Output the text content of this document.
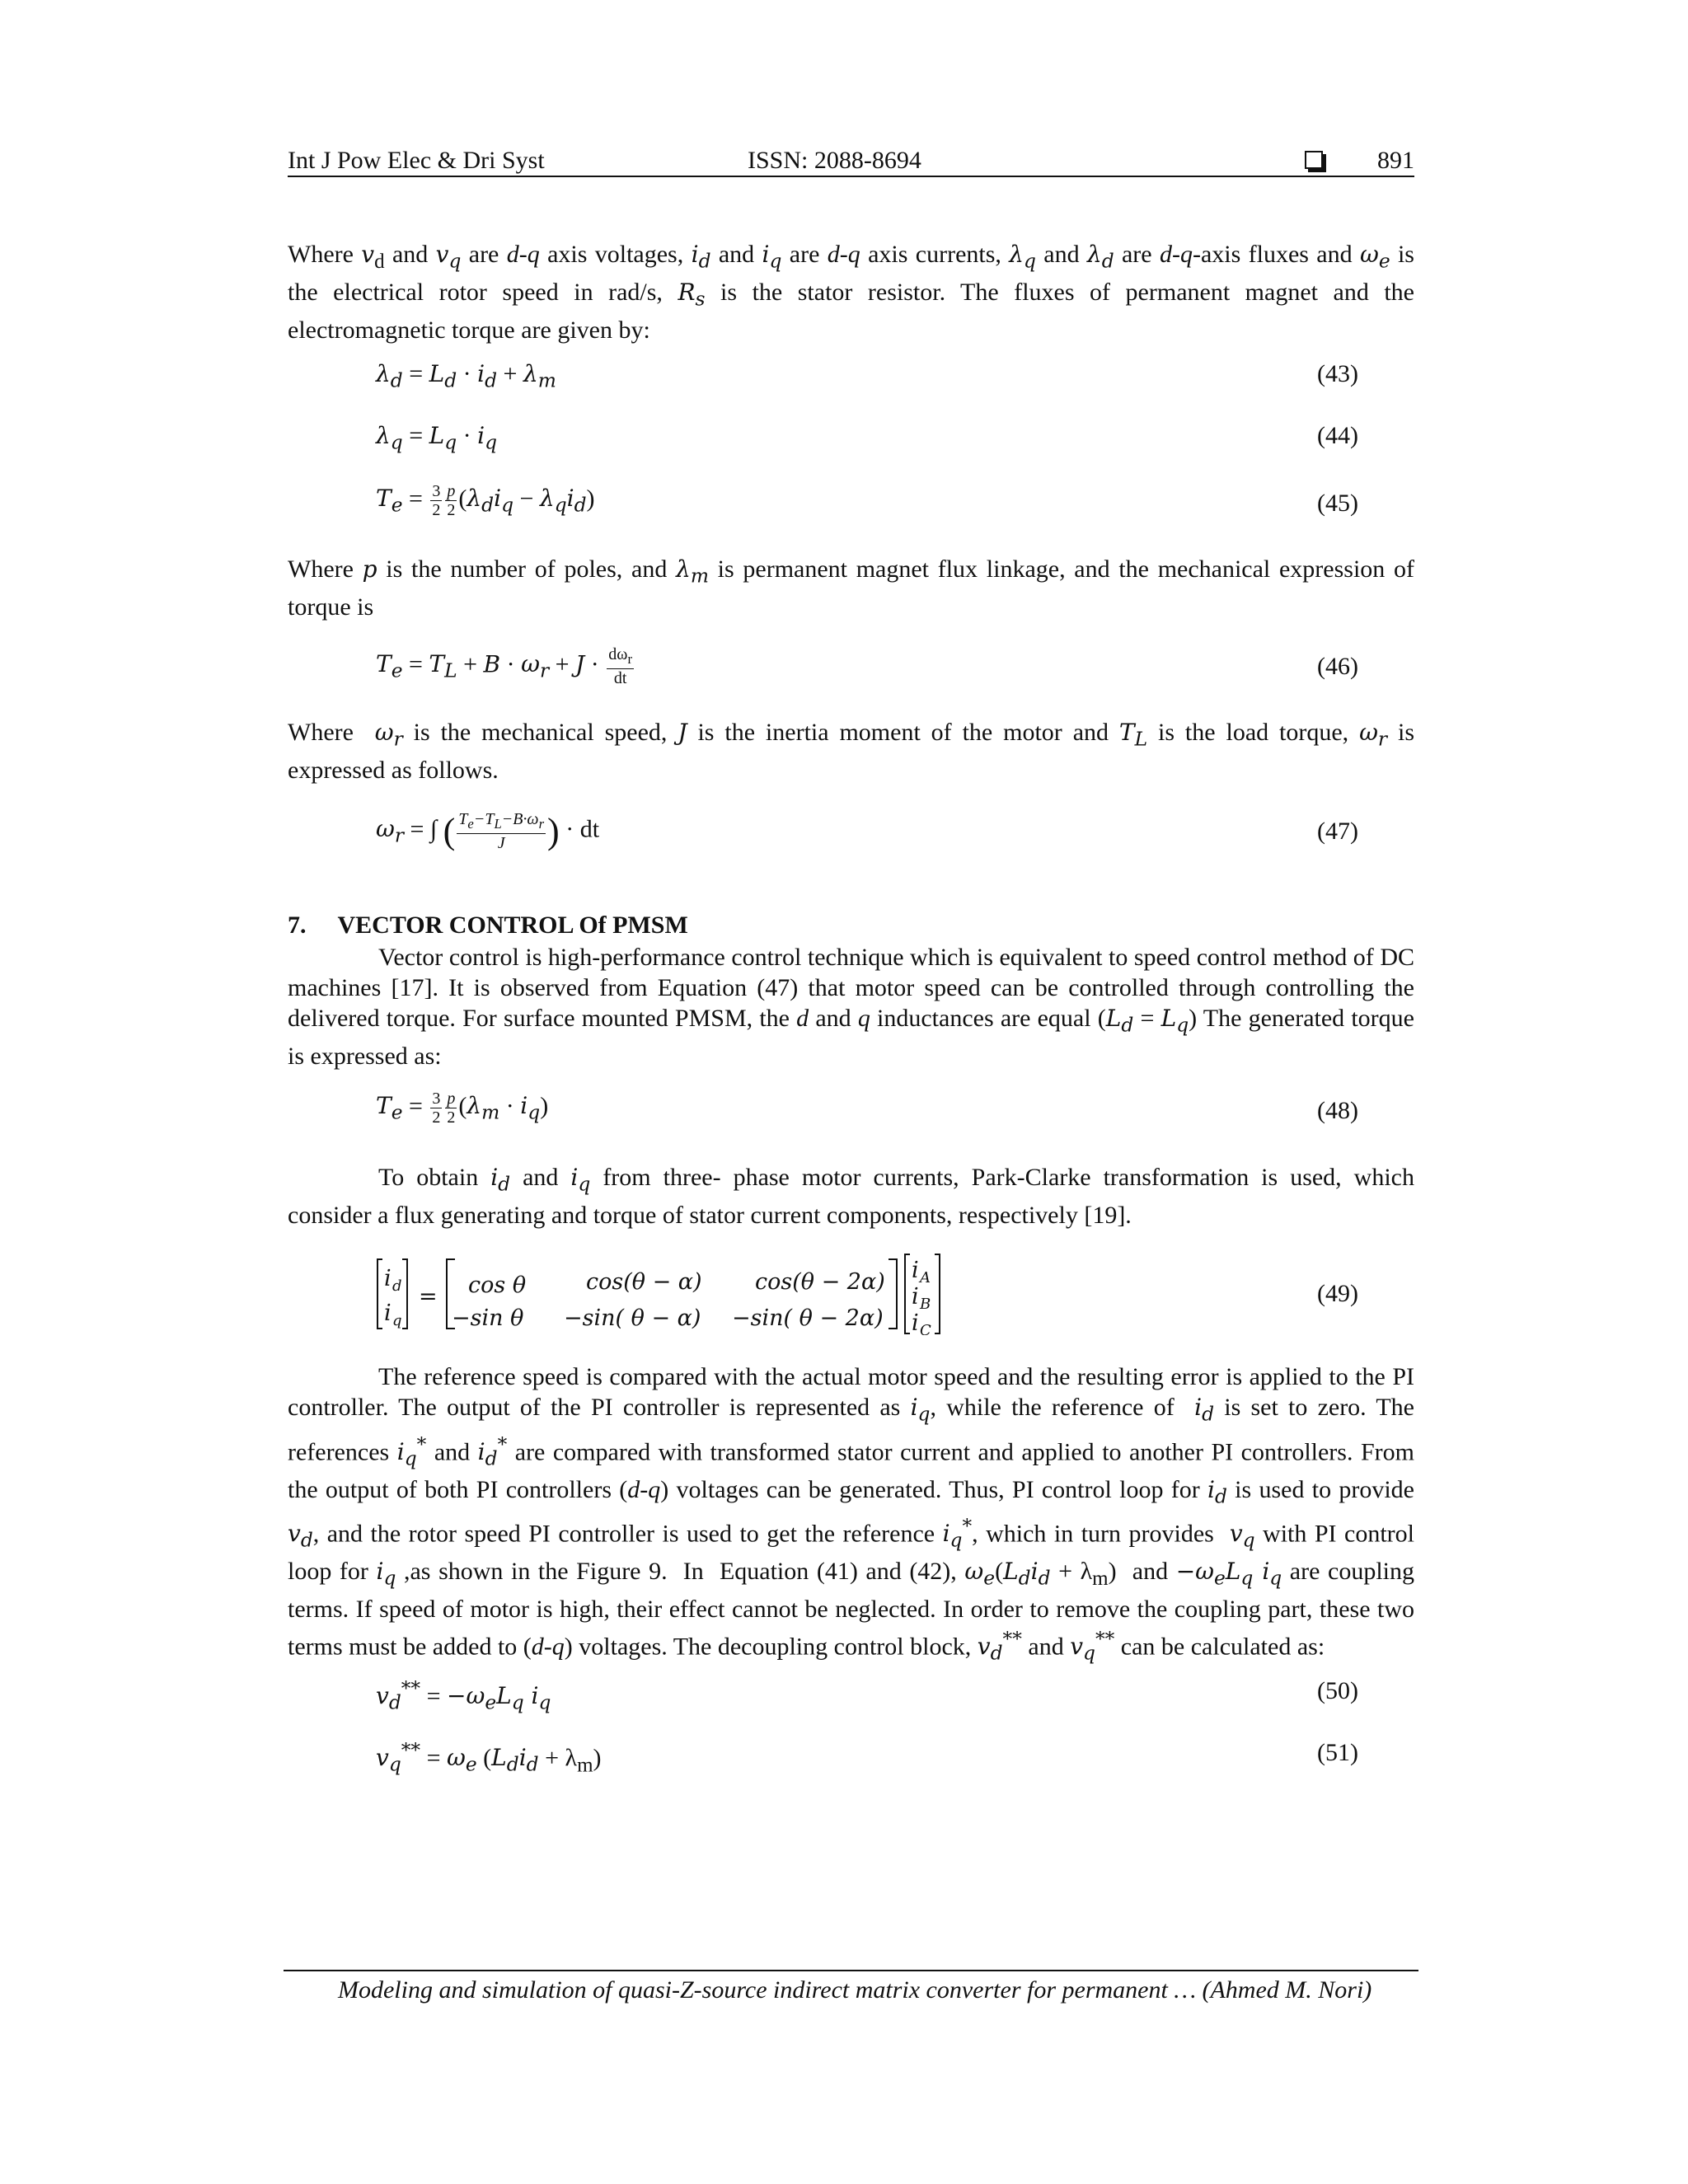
Int J Pow Elec & Dri Syst	ISSN: 2088-8694	891
Where $v_d$ and $v_q$ are d-q axis voltages, $i_d$ and $i_q$ are d-q axis currents, $\lambda_q$ and $\lambda_d$ are d-q-axis fluxes and $\omega_e$ is the electrical rotor speed in rad/s, $R_s$ is the stator resistor. The fluxes of permanent magnet and the electromagnetic torque are given by:
$\lambda_d = L_d \cdot i_d + \lambda_m$	(43)
$\lambda_q = L_q \cdot i_q$	(44)
$T_e = \frac{3}{2} \frac{p}{2} (\lambda_di_q - \lambda_qi_d)$	(45)
Where p is the number of poles, and $\lambda_m$ is permanent magnet flux linkage, and the mechanical expression of torque is
$T_e = T_L + B \cdot \omega_r + J \cdot \frac{d\omega_r}{dt}$	(46)
Where  $\omega_r$ is the mechanical speed, J is the inertia moment of the motor and $T_L$ is the load torque, $\omega_r$ is expressed as follows.
$\omega_r$ = ∫ ( $\frac{T_e-T_L-B\cdot\omega_r}{J}$ ) · dt	(47)
7. VECTOR CONTROL Of PMSM
Vector control is high-performance control technique which is equivalent to speed control method of DC machines [17]. It is observed from Equation (47) that motor speed can be controlled through controlling the delivered torque. For surface mounted PMSM, the d and q inductances are equal $(L_d = L_q)$ The generated torque is expressed as:
$T_e = \frac{3}{2} \frac{p}{2} (\lambda_m \cdot i_q)$	(48)
To obtain $i_d$ and $i_q$ from three- phase motor currents, Park-Clarke transformation is used, which consider a flux generating and torque of stator current components, respectively [19].
i d
i q
= cos θ
−sin θ
cos(θ − α)
−sin( θ − α)
cos(θ − 2α)
−sin( θ − 2α)
i A
i B
i C
(49)
The reference speed is compared with the actual motor speed and the resulting error is applied to the PI controller. The output of the PI controller is represented as $i_q$, while the reference of  $i_d$ is set to zero. The references $i_q^*$ and $i_d^*$ are compared with transformed stator current and applied to another PI controllers. From the output of both PI controllers (d-q) voltages can be generated. Thus, PI control loop for $i_d$ is used to provide $v_d$, and the rotor speed PI controller is used to get the reference $i_q^*$, which in turn provides  $v_q$ with PI control loop for $i_q$ ,as shown in the Figure 9.  In  Equation (41) and (42), $\omega_e(L_di_d + \lambda_m)$  and $-\omega_eL_q$ $i_q$ are coupling terms. If speed of motor is high, their effect cannot be neglected. In order to remove the coupling part, these two terms must be added to (d-q) voltages. The decoupling control block, $v_d^{**}$ and $v_q^{**}$ can be calculated as:
$v_d^{**} = -\omega_eL_q$ $i_q$	(50)
$v_q^{**} = \omega_e$ $(L_di_d + \lambda_m)$	(51)
Modeling and simulation of quasi-Z-source indirect matrix converter for permanent … (Ahmed M. Nori)
